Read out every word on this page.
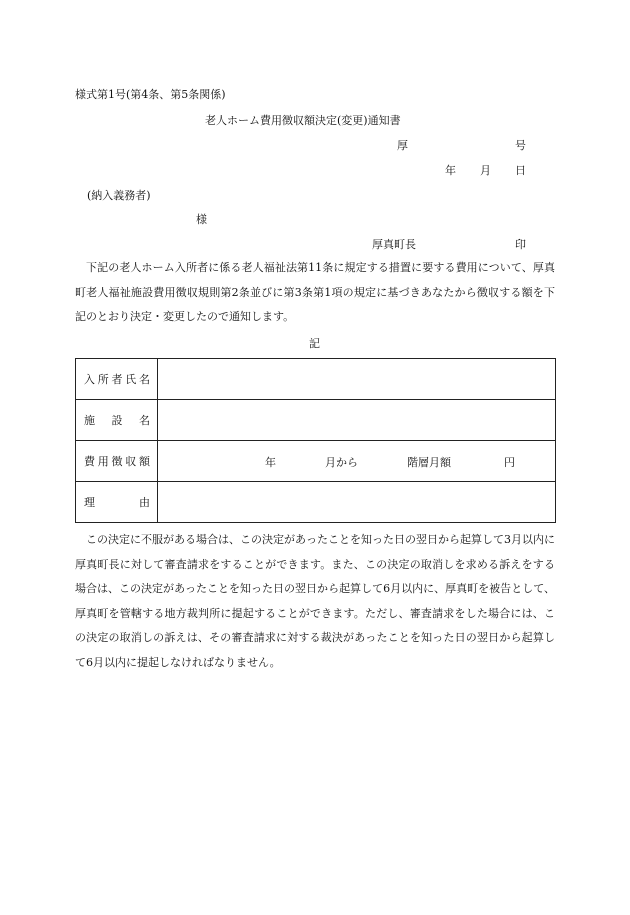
様式第1号(第4条、第5条関係)
老人ホーム費用徴収額決定(変更)通知書
厚	号
年 月 日
(納入義務者)
様
厚真町長	印

下記の老人ホーム入所者に係る老人福祉法第11条に規定する措置に要する費用について、厚真町老人福祉施設費用徴収規則第2条並びに第3条第1項の規定に基づきあなたから徴収する額を下記のとおり決定・変更したので通知します。

記
入 所 者 氏 名	

施 設 名	

費 用 徴 収 額	年 月から 階層月額 円

理 由	

この決定に不服がある場合は、この決定があったことを知った日の翌日から起算して3月以内に厚真町長に対して審査請求をすることができます。また、この決定の取消しを求める訴えをする場合は、この決定があったことを知った日の翌日から起算して6月以内に、厚真町を被告として、厚真町を管轄する地方裁判所に提起することができます。ただし、審査請求をした場合には、この決定の取消しの訴えは、その審査請求に対する裁決があったことを知った日の翌日から起算して6月以内に提起しなければなりません。
